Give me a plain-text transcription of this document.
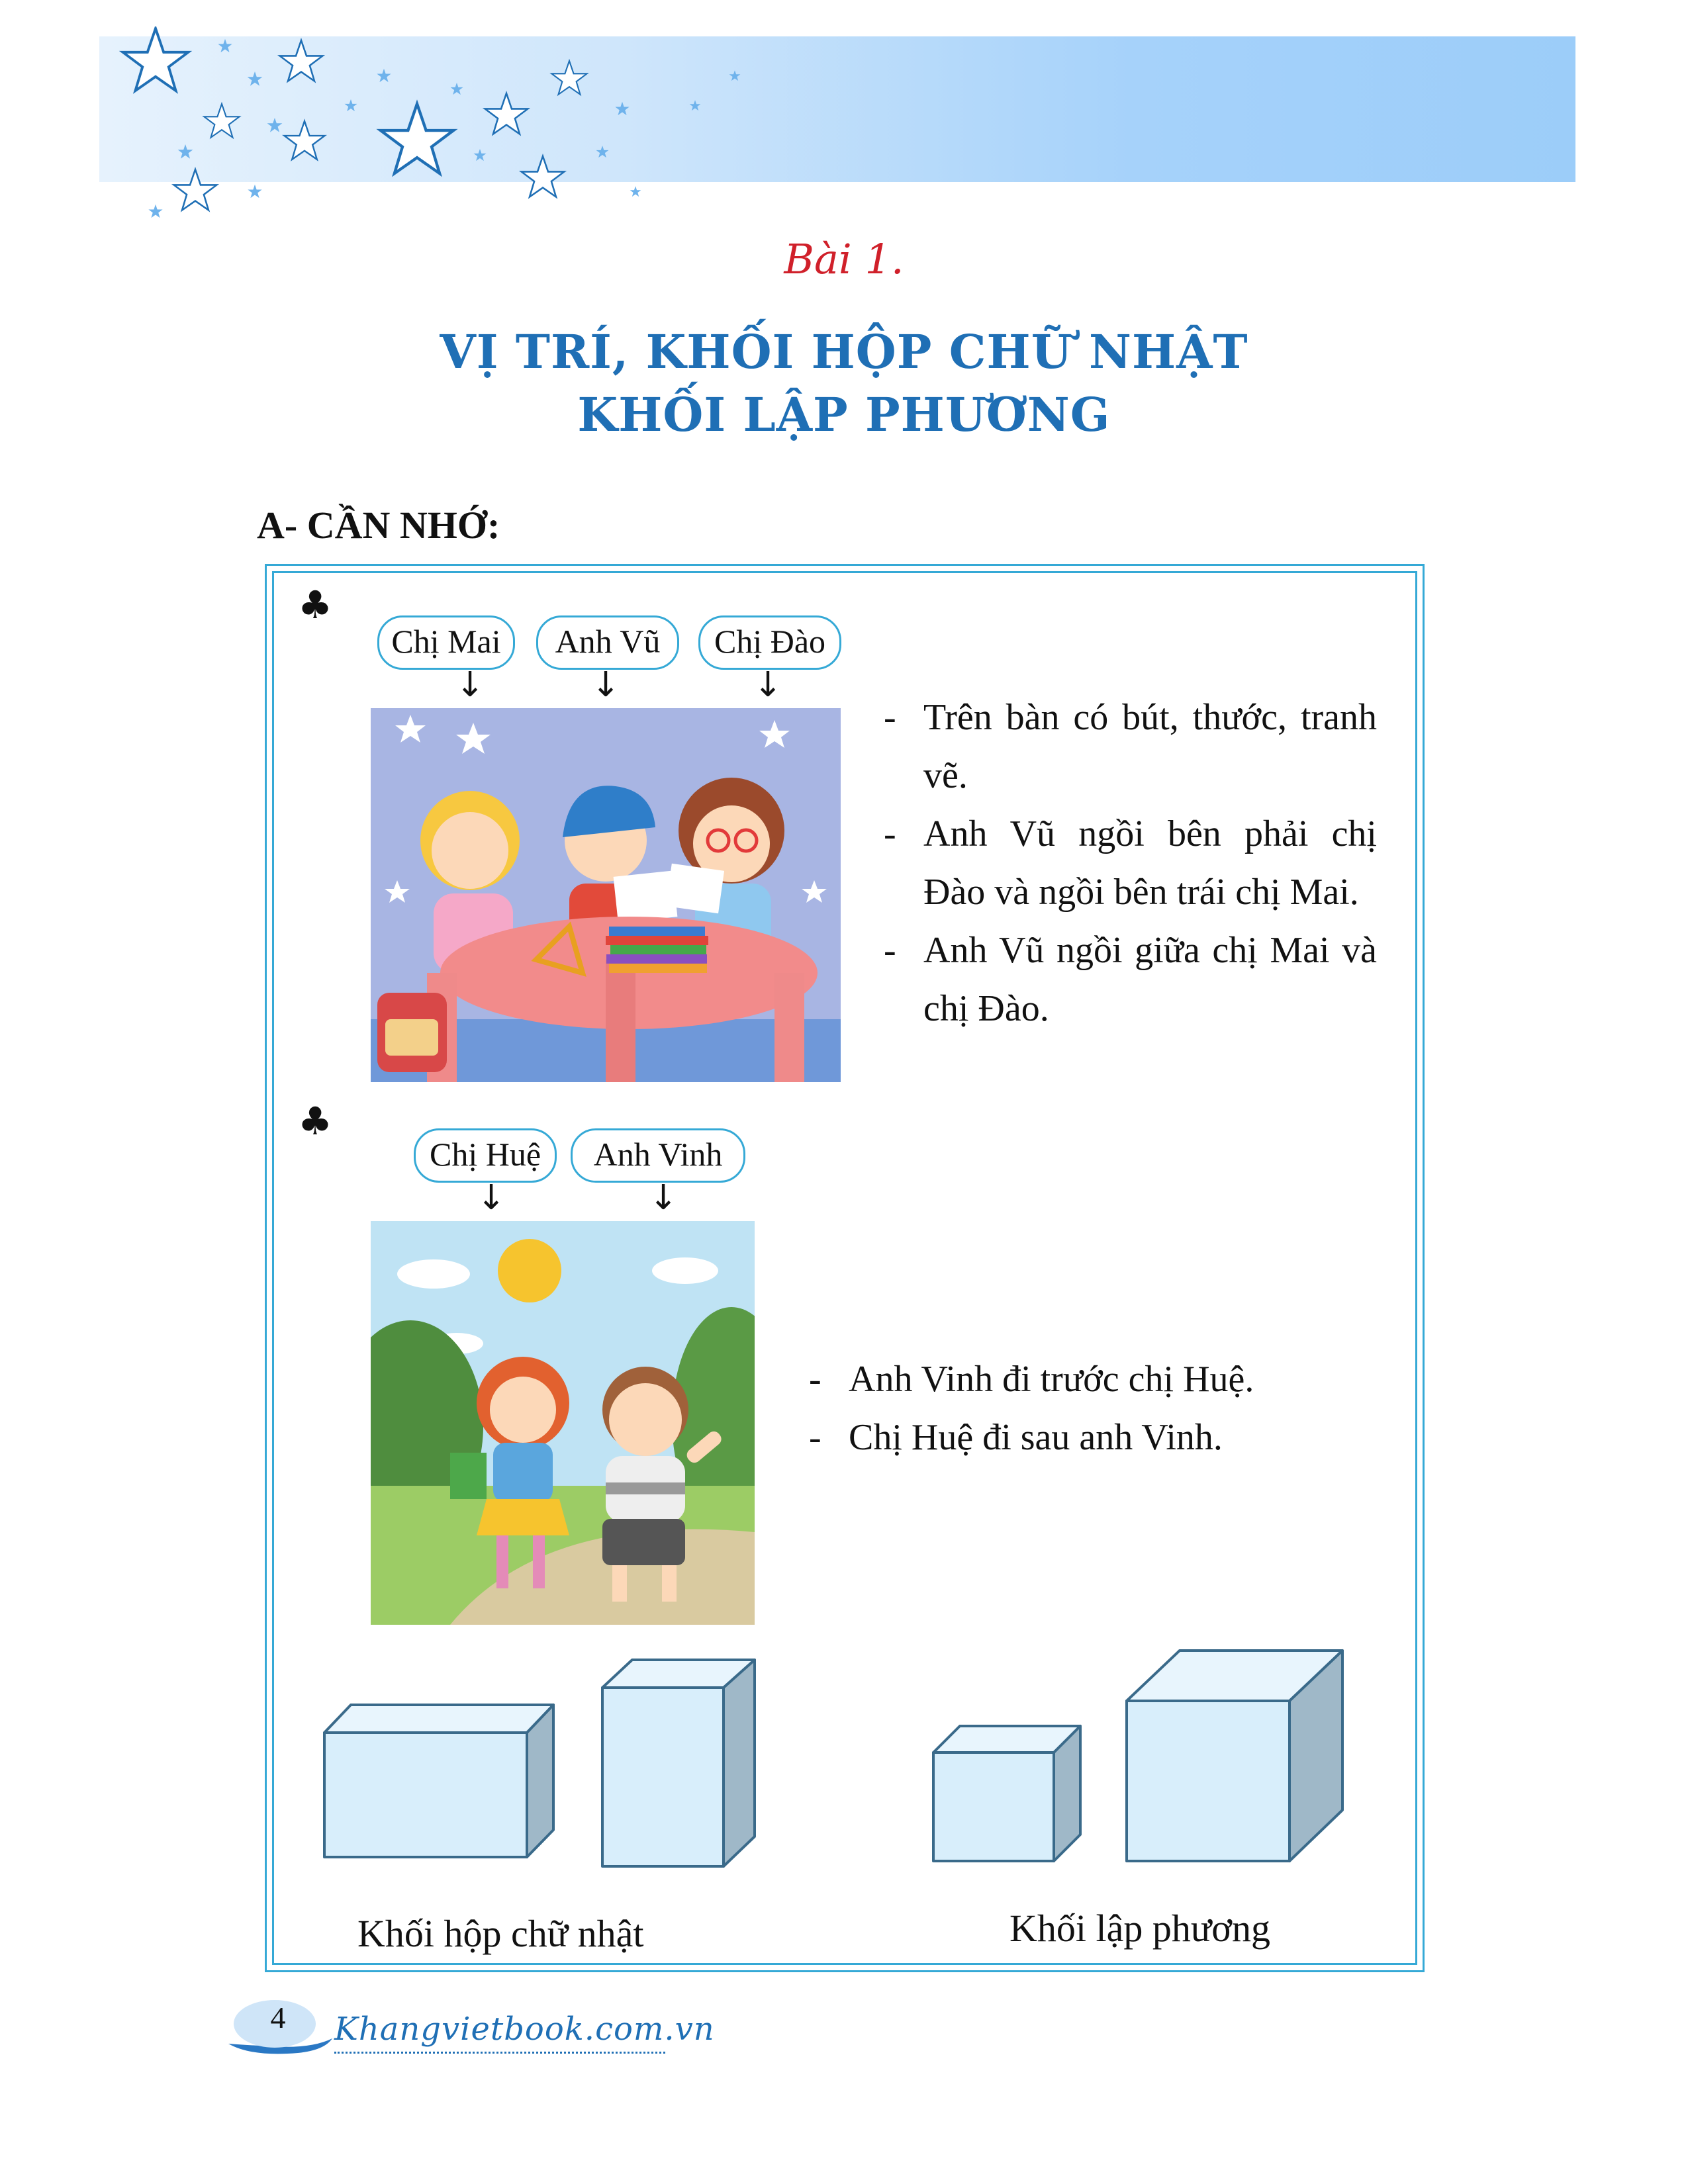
Bài 1.
VỊ TRÍ, KHỐI HỘP CHỮ NHẬT
KHỐI LẬP PHƯƠNG
A- CẦN NHỚ:
♣
Chị Mai	Anh Vũ	Chị Đào
↓	↓	↓
- Trên bàn có bút, thước, tranh vẽ.
- Anh Vũ ngồi bên phải chị Đào và ngồi bên trái chị Mai.
- Anh Vũ ngồi giữa chị Mai và chị Đào.
♣
Chị Huệ	Anh Vinh
↓	↓
- Anh Vinh đi trước chị Huệ.
- Chị Huệ đi sau anh Vinh.
Khối hộp chữ nhật	Khối lập phương
4	Khangvietbook.com.vn
